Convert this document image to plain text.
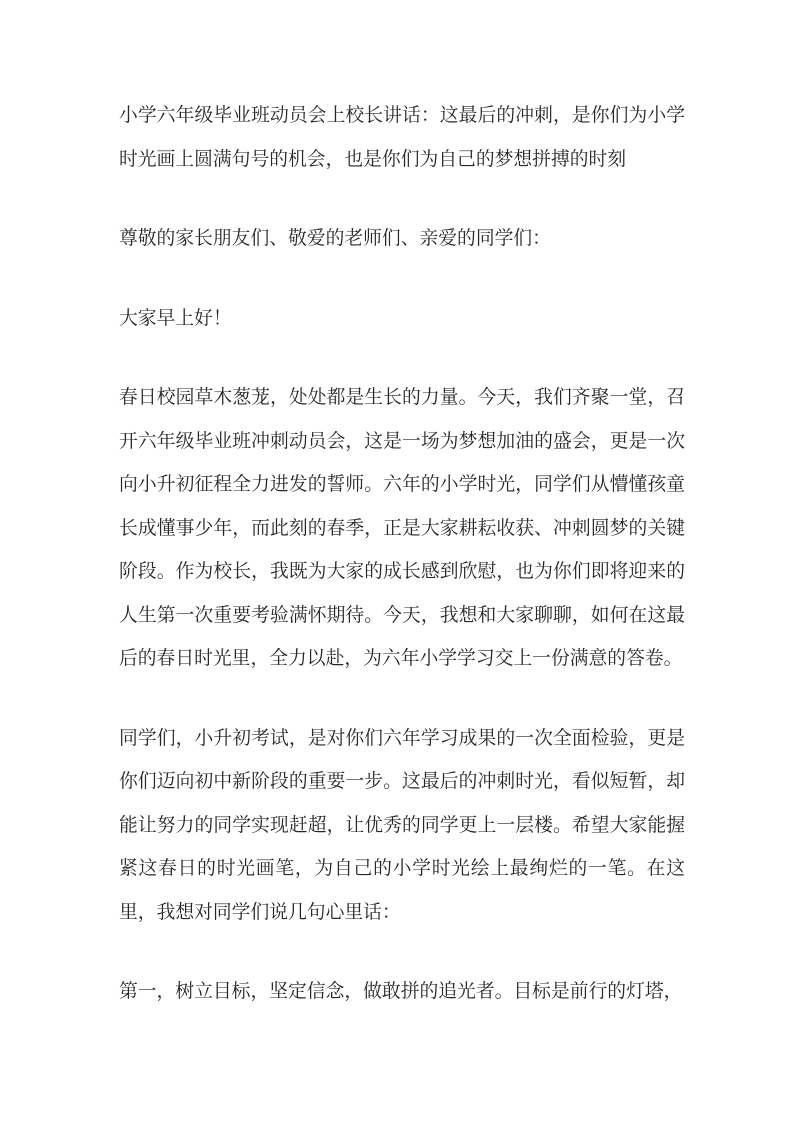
小学六年级毕业班动员会上校长讲话：这最后的冲刺，是你们为小学时光画上圆满句号的机会，也是你们为自己的梦想拼搏的时刻

尊敬的家长朋友们、敬爱的老师们、亲爱的同学们：

大家早上好！

春日校园草木葱茏，处处都是生长的力量。今天，我们齐聚一堂，召开六年级毕业班冲刺动员会，这是一场为梦想加油的盛会，更是一次向小升初征程全力进发的誓师。六年的小学时光，同学们从懵懂孩童长成懂事少年，而此刻的春季，正是大家耕耘收获、冲刺圆梦的关键阶段。作为校长，我既为大家的成长感到欣慰，也为你们即将迎来的人生第一次重要考验满怀期待。今天，我想和大家聊聊，如何在这最后的春日时光里，全力以赴，为六年小学学习交上一份满意的答卷。

同学们，小升初考试，是对你们六年学习成果的一次全面检验，更是你们迈向初中新阶段的重要一步。这最后的冲刺时光，看似短暂，却能让努力的同学实现赶超，让优秀的同学更上一层楼。希望大家能握紧这春日的时光画笔，为自己的小学时光绘上最绚烂的一笔。在这里，我想对同学们说几句心里话：

第一，树立目标，坚定信念，做敢拼的追光者。目标是前行的灯塔，
